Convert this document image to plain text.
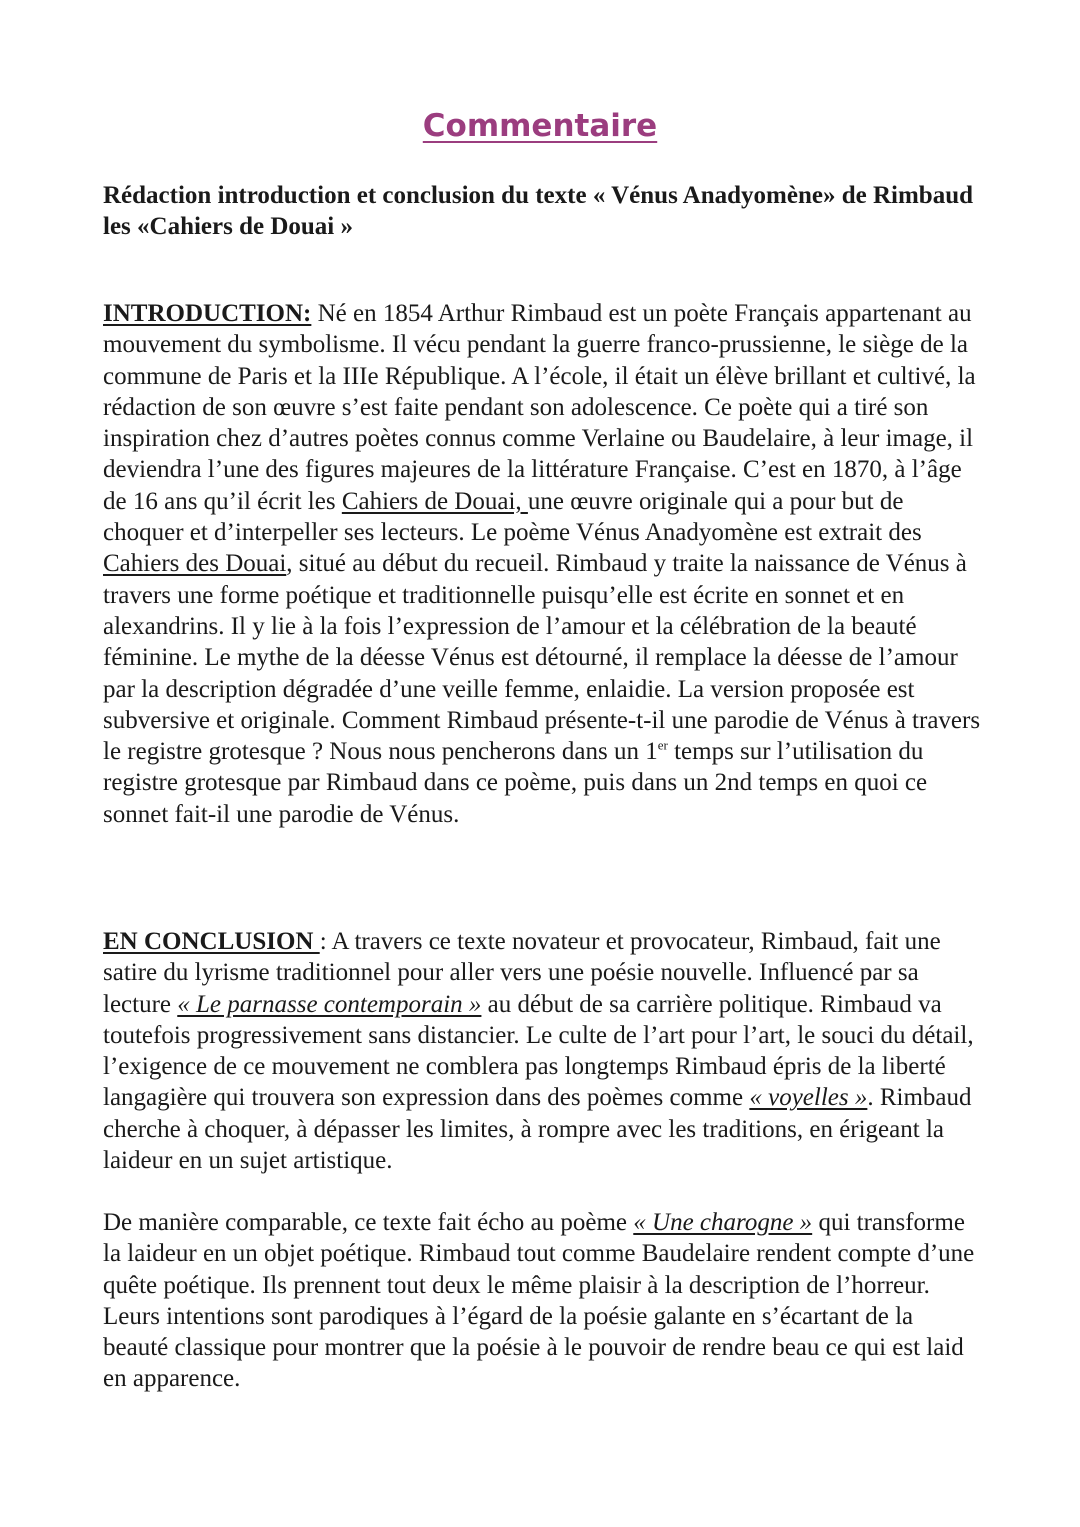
Commentaire

Rédaction introduction et conclusion du texte « Vénus Anadyomène» de Rimbaud les «Cahiers de Douai »

INTRODUCTION: Né en 1854 Arthur Rimbaud est un poète Français appartenant au mouvement du symbolisme. Il vécu pendant la guerre franco-prussienne, le siège de la commune de Paris et la IIIe République. A l’école, il était un élève brillant et cultivé, la rédaction de son œuvre s’est faite pendant son adolescence. Ce poète qui a tiré son inspiration chez d’autres poètes connus comme Verlaine ou Baudelaire, à leur image, il deviendra l’une des figures majeures de la littérature Française. C’est en 1870, à l’âge de 16 ans qu’il écrit les Cahiers de Douai, une œuvre originale qui a pour but de choquer et d’interpeller ses lecteurs. Le poème Vénus Anadyomène est extrait des Cahiers des Douai, situé au début du recueil. Rimbaud y traite la naissance de Vénus à travers une forme poétique et traditionnelle puisqu’elle est écrite en sonnet et en alexandrins. Il y lie à la fois l’expression de l’amour et la célébration de la beauté féminine. Le mythe de la déesse Vénus est détourné, il remplace la déesse de l’amour par la description dégradée d’une veille femme, enlaidie. La version proposée est subversive et originale. Comment Rimbaud présente-t-il une parodie de Vénus à travers le registre grotesque ? Nous nous pencherons dans un 1er temps sur l’utilisation du registre grotesque par Rimbaud dans ce poème, puis dans un 2nd temps en quoi ce sonnet fait-il une parodie de Vénus.

EN CONCLUSION : A travers ce texte novateur et provocateur, Rimbaud, fait une satire du lyrisme traditionnel pour aller vers une poésie nouvelle. Influencé par sa lecture « Le parnasse contemporain » au début de sa carrière politique. Rimbaud va toutefois progressivement sans distancier. Le culte de l’art pour l’art, le souci du détail, l’exigence de ce mouvement ne comblera pas longtemps Rimbaud épris de la liberté langagière qui trouvera son expression dans des poèmes comme « voyelles ». Rimbaud cherche à choquer, à dépasser les limites, à rompre avec les traditions, en érigeant la laideur en un sujet artistique.

De manière comparable, ce texte fait écho au poème « Une charogne » qui transforme la laideur en un objet poétique. Rimbaud tout comme Baudelaire rendent compte d’une quête poétique. Ils prennent tout deux le même plaisir à la description de l’horreur. Leurs intentions sont parodiques à l’égard de la poésie galante en s’écartant de la beauté classique pour montrer que la poésie à le pouvoir de rendre beau ce qui est laid en apparence.
